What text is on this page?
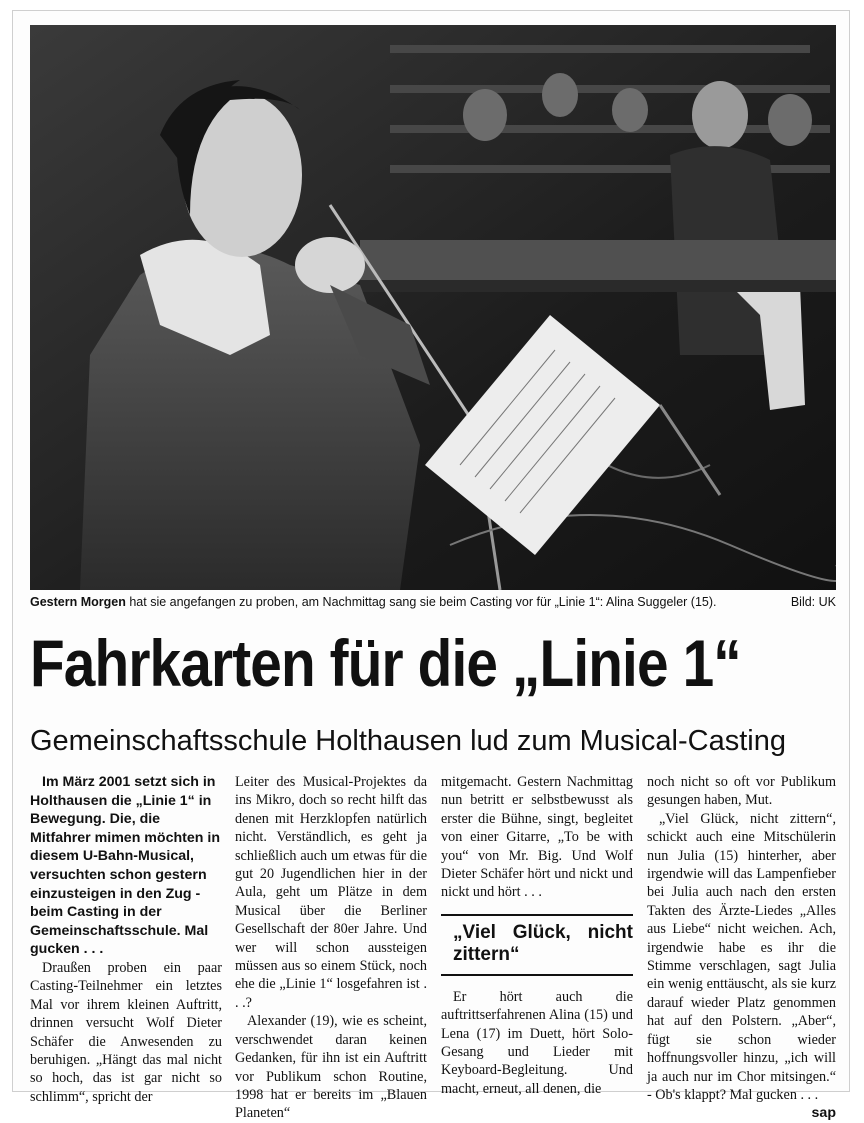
Gestern Morgen hat sie angefangen zu proben, am Nachmittag sang sie beim Casting vor für „Linie 1“: Alina Suggeler (15).	Bild: UK
Fahrkarten für die „Linie 1“
Gemeinschaftsschule Holthausen lud zum Musical-Casting

Im März 2001 setzt sich in Holthausen die „Linie 1“ in Bewegung. Die, die Mitfahrer mimen möchten in diesem U-Bahn-Musical, versuchten schon gestern einzusteigen in den Zug - beim Casting in der Gemeinschaftsschule. Mal gucken . . .

Draußen proben ein paar Casting-Teilnehmer ein letztes Mal vor ihrem kleinen Auftritt, drinnen versucht Wolf Dieter Schäfer die Anwesenden zu beruhigen. „Hängt das mal nicht so hoch, das ist gar nicht so schlimm“, spricht der

Leiter des Musical-Projektes da ins Mikro, doch so recht hilft das denen mit Herzklopfen natürlich nicht. Verständlich, es geht ja schließlich auch um etwas für die gut 20 Jugendlichen hier in der Aula, geht um Plätze in dem Musical über die Berliner Gesellschaft der 80er Jahre. Und wer will schon aussteigen müssen aus so einem Stück, noch ehe die „Linie 1“ losgefahren ist . . .?

Alexander (19), wie es scheint, verschwendet daran keinen Gedanken, für ihn ist ein Auftritt vor Publikum schon Routine, 1998 hat er bereits im „Blauen Planeten“

mitgemacht. Gestern Nachmittag nun betritt er selbstbewusst als erster die Bühne, singt, begleitet von einer Gitarre, „To be with you“ von Mr. Big. Und Wolf Dieter Schäfer hört und nickt und nickt und hört . . .

„Viel Glück, nicht zittern“

Er hört auch die auftrittserfahrenen Alina (15) und Lena (17) im Duett, hört Solo-Gesang und Lieder mit Keyboard-Begleitung. Und macht, erneut, all denen, die

noch nicht so oft vor Publikum gesungen haben, Mut.

„Viel Glück, nicht zittern“, schickt auch eine Mitschülerin nun Julia (15) hinterher, aber irgendwie will das Lampenfieber bei Julia auch nach den ersten Takten des Ärzte-Liedes „Alles aus Liebe“ nicht weichen. Ach, irgendwie habe es ihr die Stimme verschlagen, sagt Julia ein wenig enttäuscht, als sie kurz darauf wieder Platz genommen hat auf den Polstern. „Aber“, fügt sie schon wieder hoffnungsvoller hinzu, „ich will ja auch nur im Chor mitsingen.“ - Ob's klappt? Mal gucken . . .
sap
